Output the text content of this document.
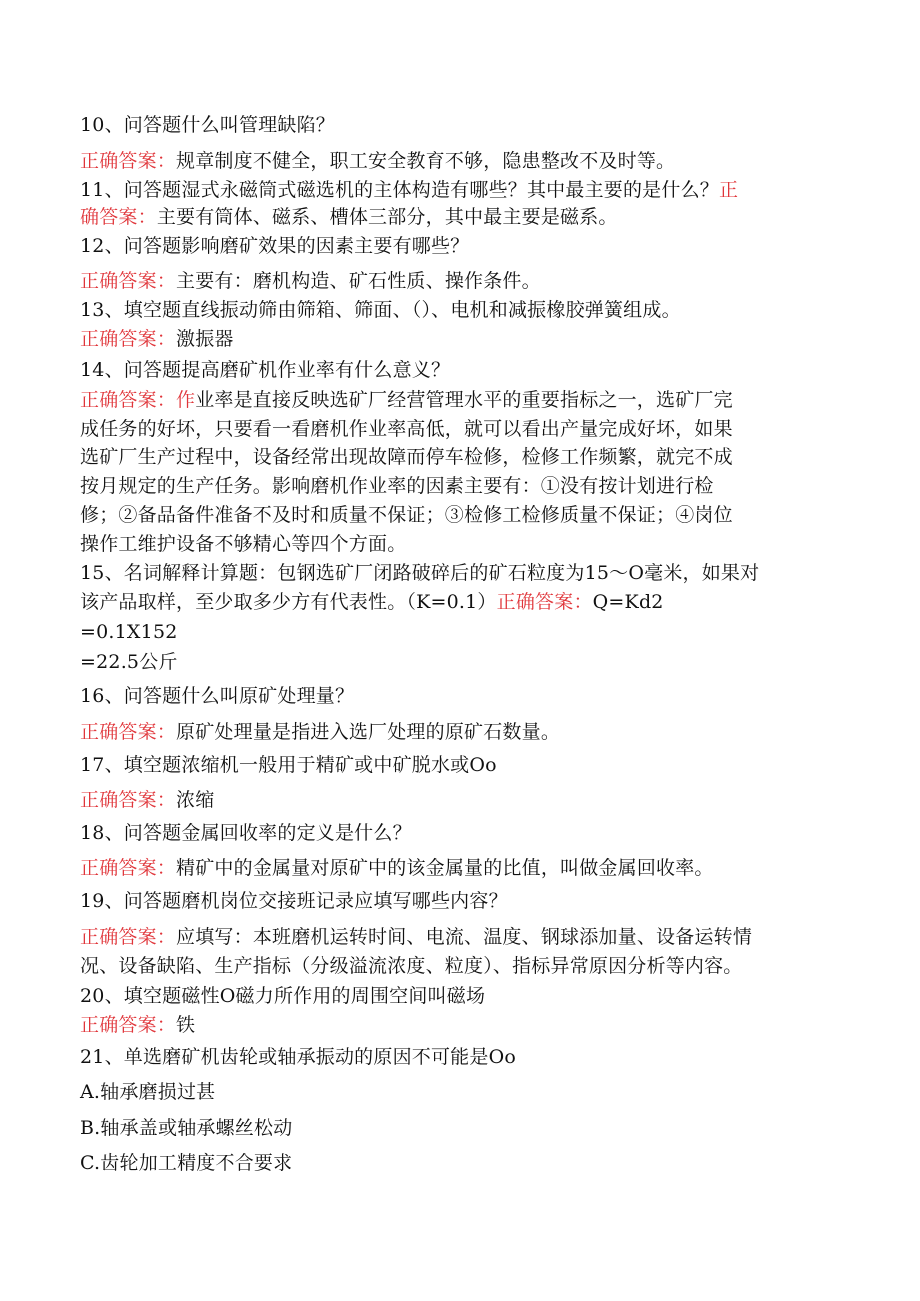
10、问答题什么叫管理缺陷？
正确答案：规章制度不健全，职工安全教育不够，隐患整改不及时等。
11、问答题湿式永磁筒式磁选机的主体构造有哪些？其中最主要的是什么？正
确答案：主要有筒体、磁系、槽体三部分，其中最主要是磁系。
12、问答题影响磨矿效果的因素主要有哪些？
正确答案：主要有：磨机构造、矿石性质、操作条件。
13、填空题直线振动筛由筛箱、筛面、（）、电机和减振橡胶弹簧组成。
正确答案：激振器
14、问答题提高磨矿机作业率有什么意义？
正确答案：作业率是直接反映选矿厂经营管理水平的重要指标之一，选矿厂完
成任务的好坏，只要看一看磨机作业率高低，就可以看出产量完成好坏，如果
选矿厂生产过程中，设备经常出现故障而停车检修，检修工作频繁，就完不成
按月规定的生产任务。影响磨机作业率的因素主要有：①没有按计划进行检
修；②备品备件准备不及时和质量不保证；③检修工检修质量不保证；④岗位
操作工维护设备不够精心等四个方面。
15、名词解释计算题：包钢选矿厂闭路破碎后的矿石粒度为15～O毫米，如果对
该产品取样，至少取多少方有代表性。（K=0.1）正确答案：Q=Kd2
=0.1X152
=22.5公斤
16、问答题什么叫原矿处理量？
正确答案：原矿处理量是指进入选厂处理的原矿石数量。
17、填空题浓缩机一般用于精矿或中矿脱水或Oo
正确答案：浓缩
18、问答题金属回收率的定义是什么？
正确答案：精矿中的金属量对原矿中的该金属量的比值，叫做金属回收率。
19、问答题磨机岗位交接班记录应填写哪些内容？
正确答案：应填写：本班磨机运转时间、电流、温度、钢球添加量、设备运转情
况、设备缺陷、生产指标（分级溢流浓度、粒度）、指标异常原因分析等内容。
20、填空题磁性O磁力所作用的周围空间叫磁场
正确答案：铁
21、单选磨矿机齿轮或轴承振动的原因不可能是Oo
A.轴承磨损过甚
B.轴承盖或轴承螺丝松动
C.齿轮加工精度不合要求
